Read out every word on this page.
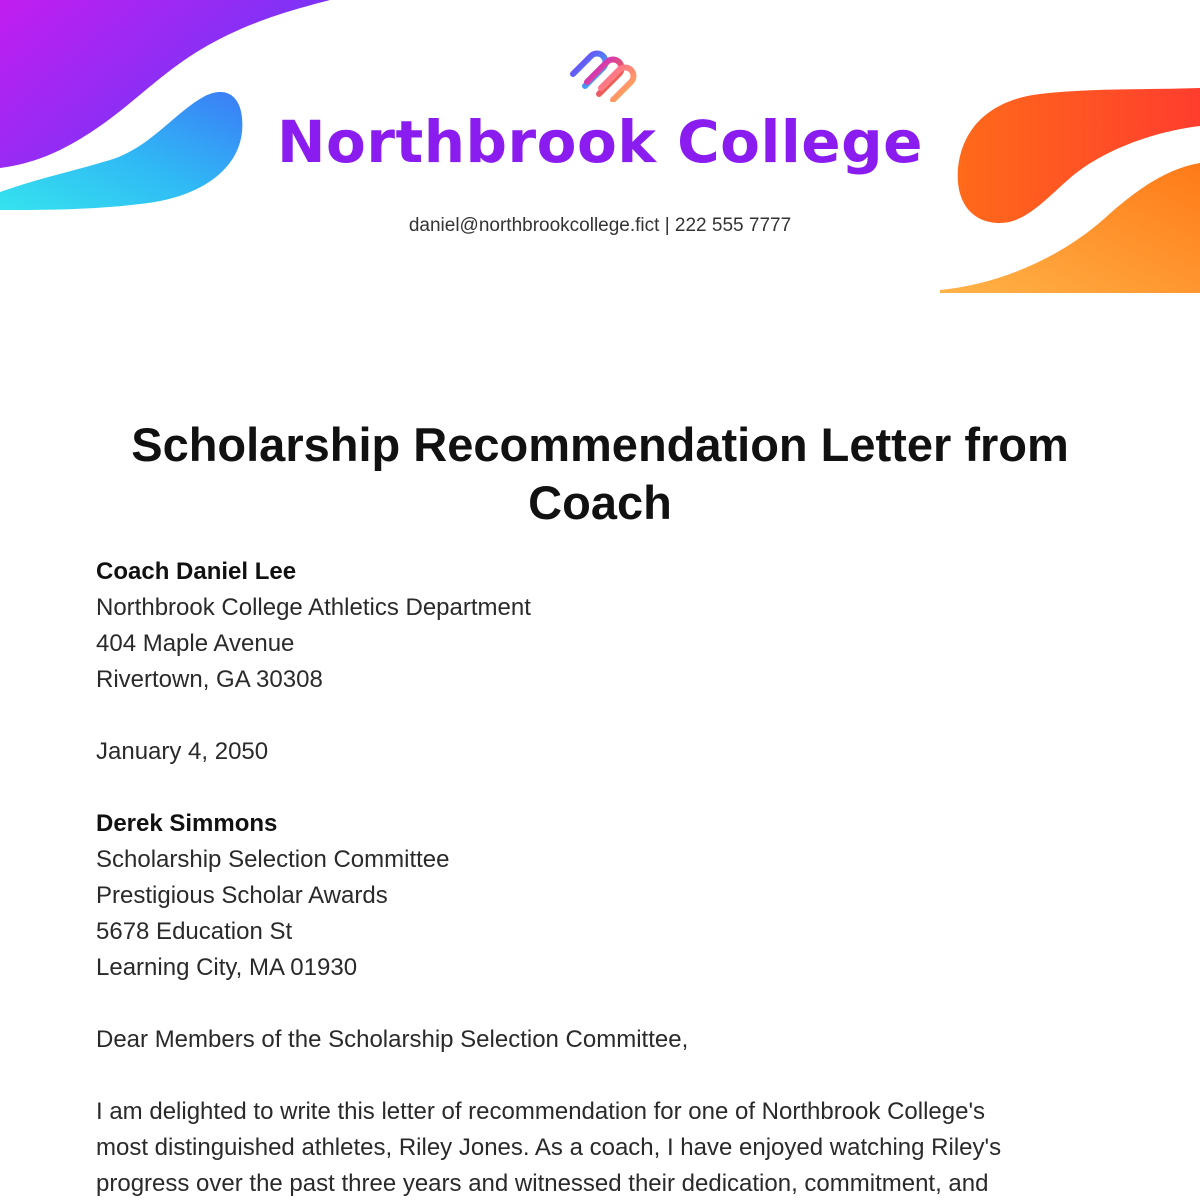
Northbrook College
daniel@northbrookcollege.fict | 222 555 7777
Scholarship Recommendation Letter from Coach
Coach Daniel Lee
Northbrook College Athletics Department
404 Maple Avenue
Rivertown, GA 30308
January 4, 2050
Derek Simmons
Scholarship Selection Committee
Prestigious Scholar Awards
5678 Education St
Learning City, MA 01930
Dear Members of the Scholarship Selection Committee,
I am delighted to write this letter of recommendation for one of Northbrook College's
most distinguished athletes, Riley Jones. As a coach, I have enjoyed watching Riley's
progress over the past three years and witnessed their dedication, commitment, and
